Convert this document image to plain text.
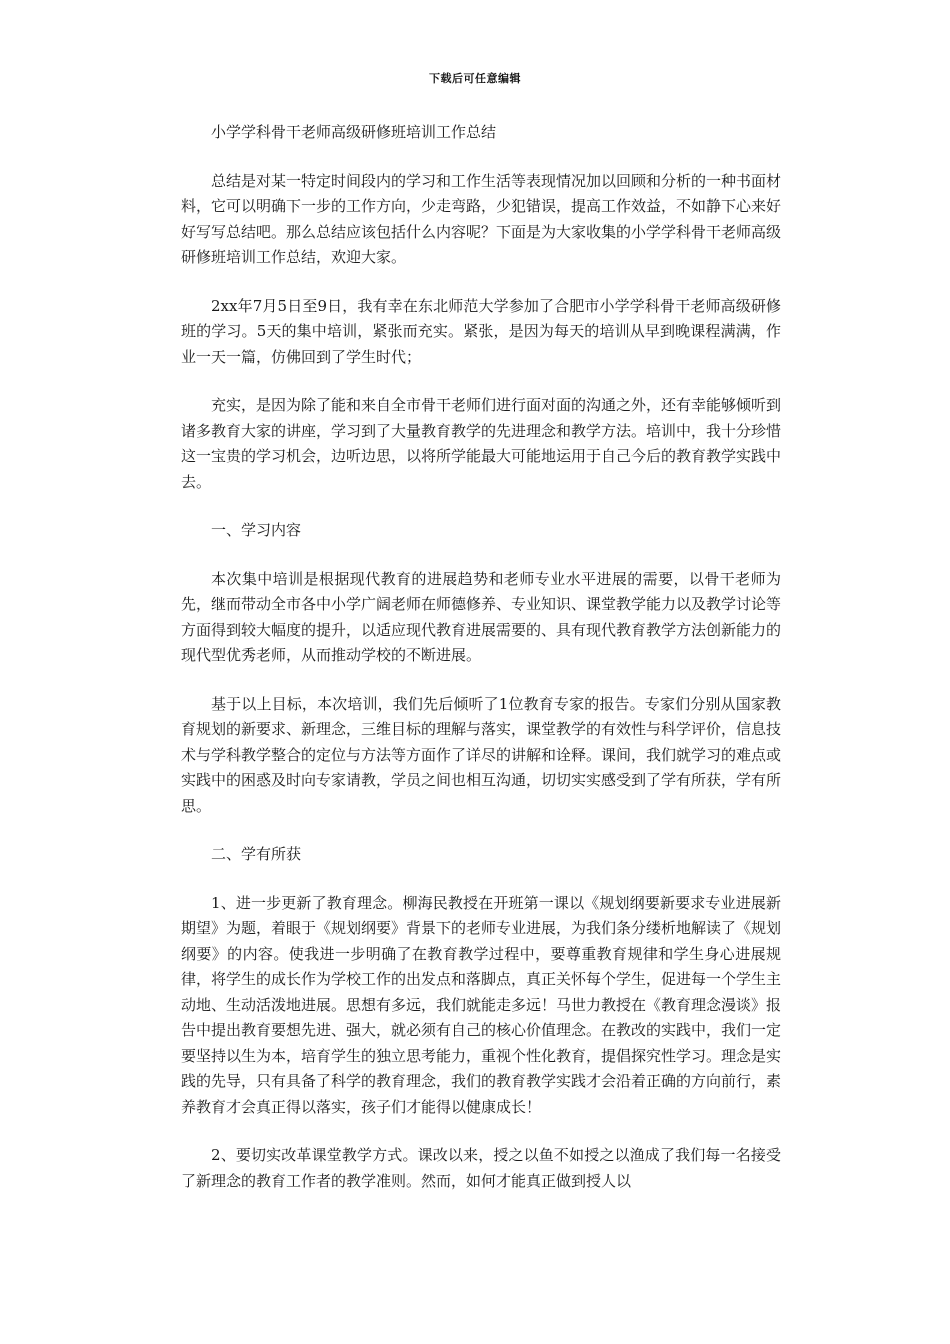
下载后可任意编辑

小学学科骨干老师高级研修班培训工作总结

总结是对某一特定时间段内的学习和工作生活等表现情况加以回顾和分析的一种书面材料，它可以明确下一步的工作方向，少走弯路，少犯错误，提高工作效益，不如静下心来好好写写总结吧。那么总结应该包括什么内容呢？下面是为大家收集的小学学科骨干老师高级研修班培训工作总结，欢迎大家。

2xx年7月5日至9日，我有幸在东北师范大学参加了合肥市小学学科骨干老师高级研修班的学习。5天的集中培训，紧张而充实。紧张，是因为每天的培训从早到晚课程满满，作业一天一篇，仿佛回到了学生时代；

充实，是因为除了能和来自全市骨干老师们进行面对面的沟通之外，还有幸能够倾听到诸多教育大家的讲座，学习到了大量教育教学的先进理念和教学方法。培训中，我十分珍惜这一宝贵的学习机会，边听边思，以将所学能最大可能地运用于自己今后的教育教学实践中去。

一、学习内容

本次集中培训是根据现代教育的进展趋势和老师专业水平进展的需要，以骨干老师为先，继而带动全市各中小学广阔老师在师德修养、专业知识、课堂教学能力以及教学讨论等方面得到较大幅度的提升，以适应现代教育进展需要的、具有现代教育教学方法创新能力的现代型优秀老师，从而推动学校的不断进展。

基于以上目标，本次培训，我们先后倾听了1位教育专家的报告。专家们分别从国家教育规划的新要求、新理念，三维目标的理解与落实，课堂教学的有效性与科学评价，信息技术与学科教学整合的定位与方法等方面作了详尽的讲解和诠释。课间，我们就学习的难点或实践中的困惑及时向专家请教，学员之间也相互沟通，切切实实感受到了学有所获，学有所思。

二、学有所获

1、进一步更新了教育理念。柳海民教授在开班第一课以《规划纲要新要求专业进展新期望》为题，着眼于《规划纲要》背景下的老师专业进展，为我们条分缕析地解读了《规划纲要》的内容。使我进一步明确了在教育教学过程中，要尊重教育规律和学生身心进展规律，将学生的成长作为学校工作的出发点和落脚点，真正关怀每个学生，促进每一个学生主动地、生动活泼地进展。思想有多远，我们就能走多远！马世力教授在《教育理念漫谈》报告中提出教育要想先进、强大，就必须有自己的核心价值理念。在教改的实践中，我们一定要坚持以生为本，培育学生的独立思考能力，重视个性化教育，提倡探究性学习。理念是实践的先导，只有具备了科学的教育理念，我们的教育教学实践才会沿着正确的方向前行，素养教育才会真正得以落实，孩子们才能得以健康成长！

2、要切实改革课堂教学方式。课改以来，授之以鱼不如授之以渔成了我们每一名接受了新理念的教育工作者的教学准则。然而，如何才能真正做到授人以
